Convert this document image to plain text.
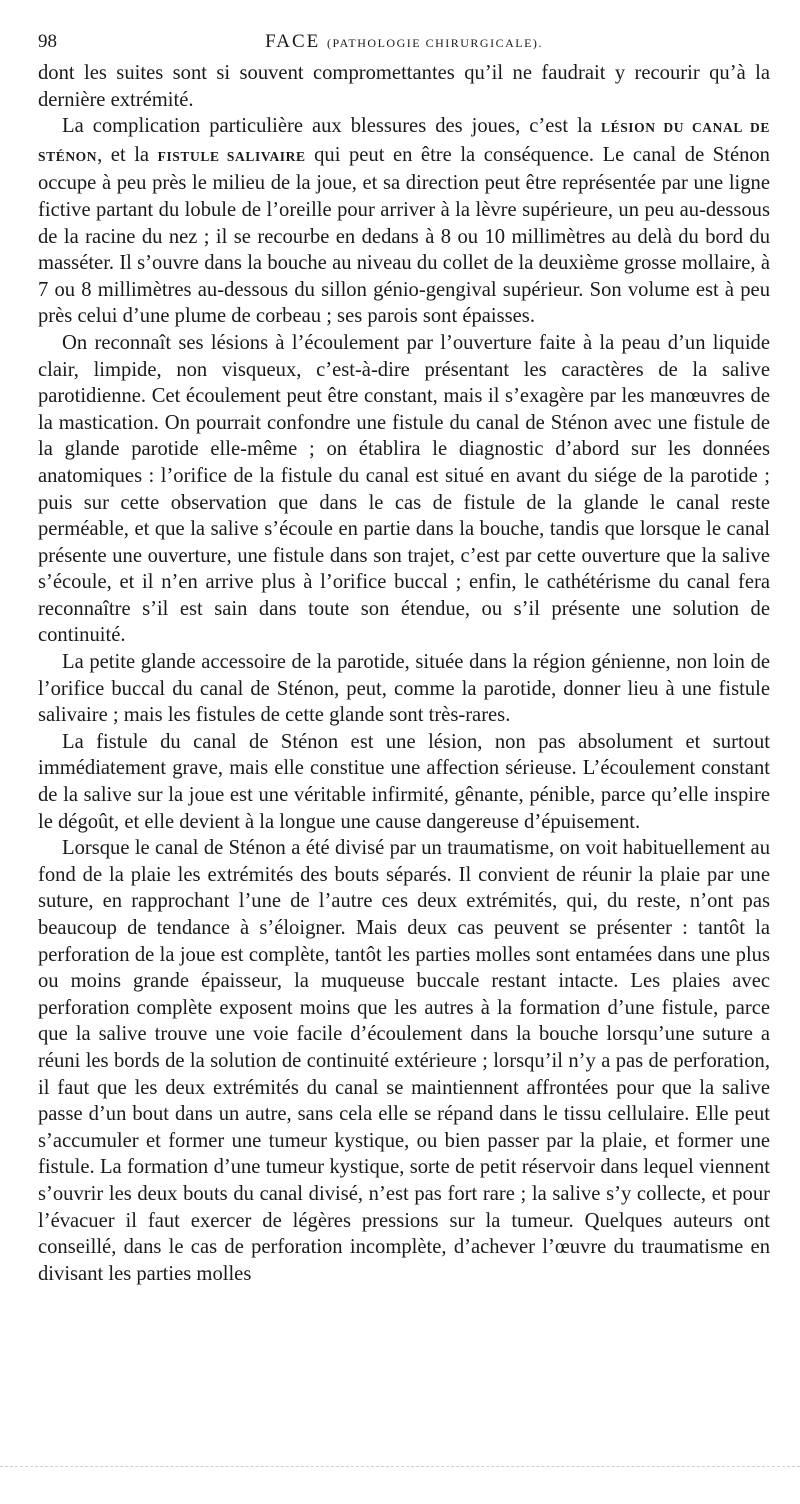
98	FACE (PATHOLOGIE CHIRURGICALE).

dont les suites sont si souvent compromettantes qu’il ne faudrait y recourir qu’à la dernière extrémité.

La complication particulière aux blessures des joues, c’est la LÉSION DU CANAL DE STÉNON, et la FISTULE SALIVAIRE qui peut en être la conséquence. Le canal de Sténon occupe à peu près le milieu de la joue, et sa direction peut être représentée par une ligne fictive partant du lobule de l’oreille pour arriver à la lèvre supérieure, un peu au-dessous de la racine du nez ; il se recourbe en dedans à 8 ou 10 millimètres au delà du bord du masséter. Il s’ouvre dans la bouche au niveau du collet de la deuxième grosse mollaire, à 7 ou 8 millimètres au-dessous du sillon génio-gengival supérieur. Son volume est à peu près celui d’une plume de corbeau ; ses parois sont épaisses.

On reconnaît ses lésions à l’écoulement par l’ouverture faite à la peau d’un liquide clair, limpide, non visqueux, c’est-à-dire présentant les caractères de la salive parotidienne. Cet écoulement peut être constant, mais il s’exagère par les manœuvres de la mastication. On pourrait confondre une fistule du canal de Sténon avec une fistule de la glande parotide elle-même ; on établira le diagnostic d’abord sur les données anatomiques : l’orifice de la fistule du canal est situé en avant du siége de la parotide ; puis sur cette observation que dans le cas de fistule de la glande le canal reste perméable, et que la salive s’écoule en partie dans la bouche, tandis que lorsque le canal présente une ouverture, une fistule dans son trajet, c’est par cette ouverture que la salive s’écoule, et il n’en arrive plus à l’orifice buccal ; enfin, le cathétérisme du canal fera reconnaître s’il est sain dans toute son étendue, ou s’il présente une solution de continuité.

La petite glande accessoire de la parotide, située dans la région génienne, non loin de l’orifice buccal du canal de Sténon, peut, comme la parotide, donner lieu à une fistule salivaire ; mais les fistules de cette glande sont très-rares.

La fistule du canal de Sténon est une lésion, non pas absolument et surtout immédiatement grave, mais elle constitue une affection sérieuse. L’écoulement constant de la salive sur la joue est une véritable infirmité, gênante, pénible, parce qu’elle inspire le dégoût, et elle devient à la longue une cause dangereuse d’épuisement.

Lorsque le canal de Sténon a été divisé par un traumatisme, on voit habituellement au fond de la plaie les extrémités des bouts séparés. Il convient de réunir la plaie par une suture, en rapprochant l’une de l’autre ces deux extrémités, qui, du reste, n’ont pas beaucoup de tendance à s’éloigner. Mais deux cas peuvent se présenter : tantôt la perforation de la joue est complète, tantôt les parties molles sont entamées dans une plus ou moins grande épaisseur, la muqueuse buccale restant intacte. Les plaies avec perforation complète exposent moins que les autres à la formation d’une fistule, parce que la salive trouve une voie facile d’écoulement dans la bouche lorsqu’une suture a réuni les bords de la solution de continuité extérieure ; lorsqu’il n’y a pas de perforation, il faut que les deux extrémités du canal se maintiennent affrontées pour que la salive passe d’un bout dans un autre, sans cela elle se répand dans le tissu cellulaire. Elle peut s’accumuler et former une tumeur kystique, ou bien passer par la plaie, et former une fistule. La formation d’une tumeur kystique, sorte de petit réservoir dans lequel viennent s’ouvrir les deux bouts du canal divisé, n’est pas fort rare ; la salive s’y collecte, et pour l’évacuer il faut exercer de légères pressions sur la tumeur. Quelques auteurs ont conseillé, dans le cas de perforation incomplète, d’achever l’œuvre du traumatisme en divisant les parties molles
